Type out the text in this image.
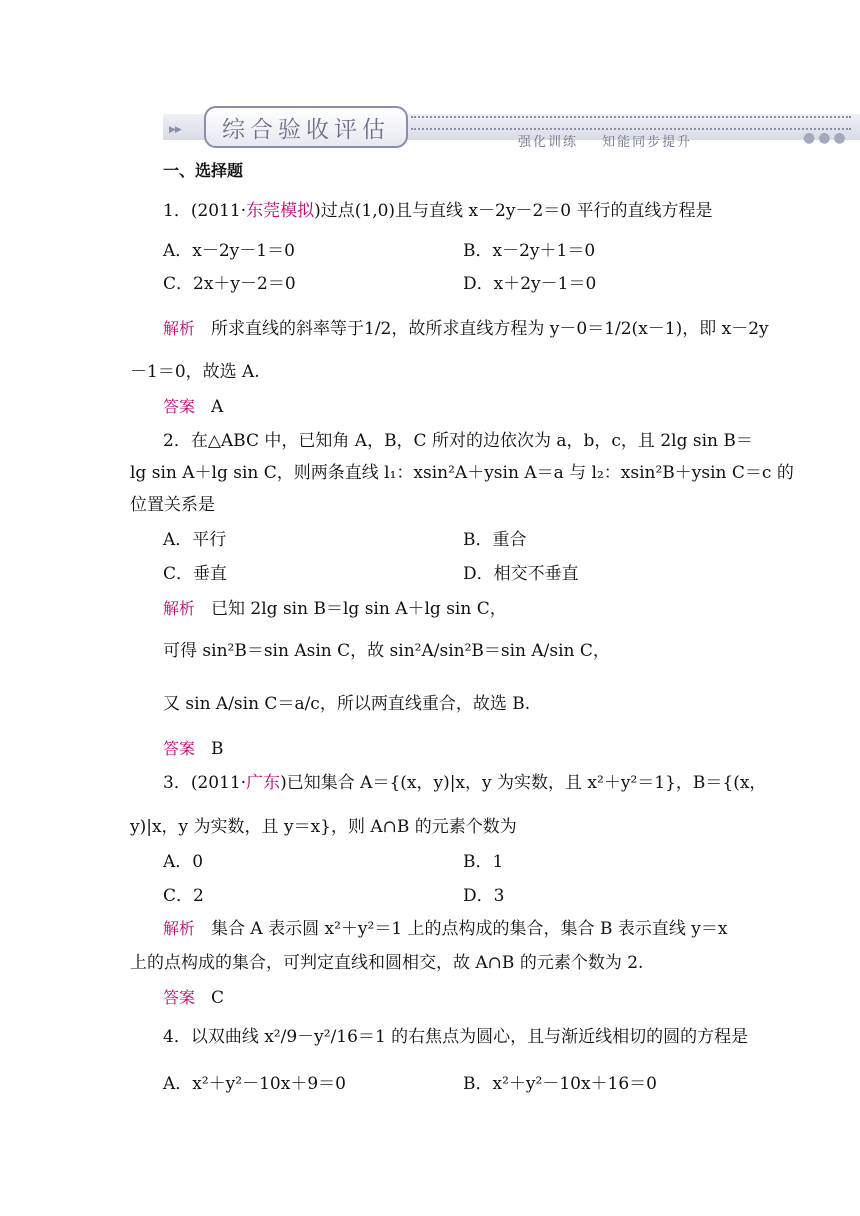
▶▶	综合验收评估	强化训练 知能同步提升	●●●
一、选择题
1．(2011·东莞模拟)过点(1,0)且与直线 x－2y－2＝0 平行的直线方程是
A．x－2y－1＝0	B．x－2y＋1＝0
C．2x＋y－2＝0	D．x＋2y－1＝0
解析 所求直线的斜率等于1/2，故所求直线方程为 y－0＝1/2(x－1)，即 x－2y
－1＝0，故选 A.
答案 A
2．在△ABC 中，已知角 A，B，C 所对的边依次为 a，b，c，且 2lg sin B＝
lg sin A＋lg sin C，则两条直线 l₁：xsin²A＋ysin A＝a 与 l₂：xsin²B＋ysin C＝c 的
位置关系是
A．平行	B．重合
C．垂直	D．相交不垂直
解析 已知 2lg sin B＝lg sin A＋lg sin C，
可得 sin²B＝sin Asin C，故 sin²A/sin²B＝sin A/sin C，
又 sin A/sin C＝a/c，所以两直线重合，故选 B.
答案 B
3．(2011·广东)已知集合 A＝{(x，y)|x，y 为实数，且 x²＋y²＝1}，B＝{(x，
y)|x，y 为实数，且 y＝x}，则 A∩B 的元素个数为
A．0	B．1
C．2	D．3
解析 集合 A 表示圆 x²＋y²＝1 上的点构成的集合，集合 B 表示直线 y＝x
上的点构成的集合，可判定直线和圆相交，故 A∩B 的元素个数为 2.
答案 C
4．以双曲线 x²/9－y²/16＝1 的右焦点为圆心，且与渐近线相切的圆的方程是
A．x²＋y²－10x＋9＝0	B．x²＋y²－10x＋16＝0
